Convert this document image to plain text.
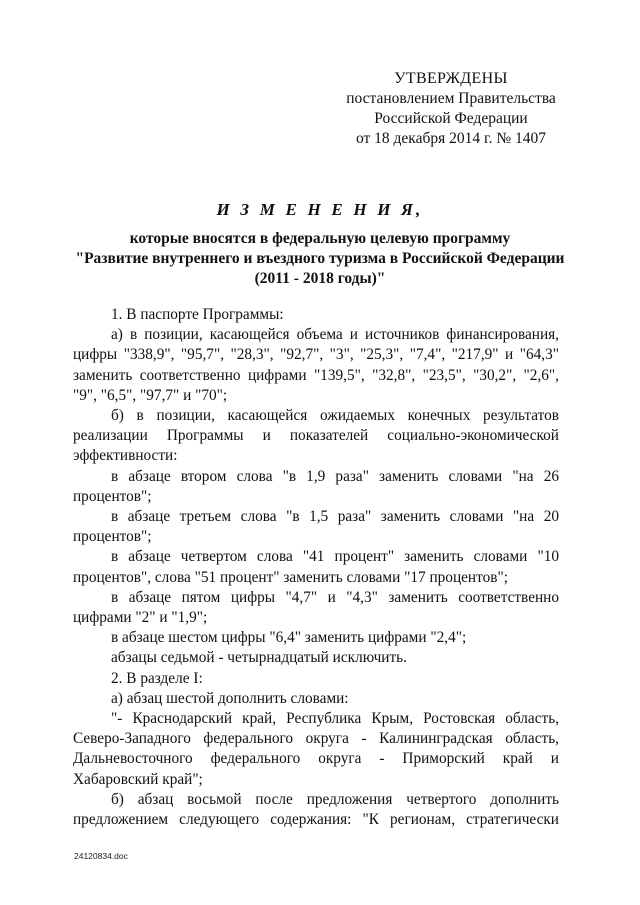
УТВЕРЖДЕНЫ
постановлением Правительства
Российской Федерации
от 18 декабря 2014 г. № 1407
И З М Е Н Е Н И Я,
которые вносятся в федеральную целевую программу
"Развитие внутреннего и въездного туризма в Российской Федерации
(2011 - 2018 годы)"

1. В паспорте Программы:

а) в позиции, касающейся объема и источников финансирования, цифры "338,9", "95,7", "28,3", "92,7", "3", "25,3", "7,4", "217,9" и "64,3" заменить соответственно цифрами "139,5", "32,8", "23,5", "30,2", "2,6", "9", "6,5", "97,7" и "70";

б) в позиции, касающейся ожидаемых конечных результатов реализации Программы и показателей социально-экономической эффективности:

в абзаце втором слова "в 1,9 раза" заменить словами "на 26 процентов";

в абзаце третьем слова "в 1,5 раза" заменить словами "на 20 процентов";

в абзаце четвертом слова "41 процент" заменить словами "10 процентов", слова "51 процент" заменить словами "17 процентов";

в абзаце пятом цифры "4,7" и "4,3" заменить соответственно цифрами "2" и "1,9";

в абзаце шестом цифры "6,4" заменить цифрами "2,4";

абзацы седьмой - четырнадцатый исключить.

2. В разделе I:

а) абзац шестой дополнить словами:

"- Краснодарский край, Республика Крым, Ростовская область, Северо-Западного федерального округа - Калининградская область, Дальневосточного федерального округа - Приморский край и Хабаровский край";

б) абзац восьмой после предложения четвертого дополнить предложением следующего содержания: "К регионам, стратегически

24120834.doc
